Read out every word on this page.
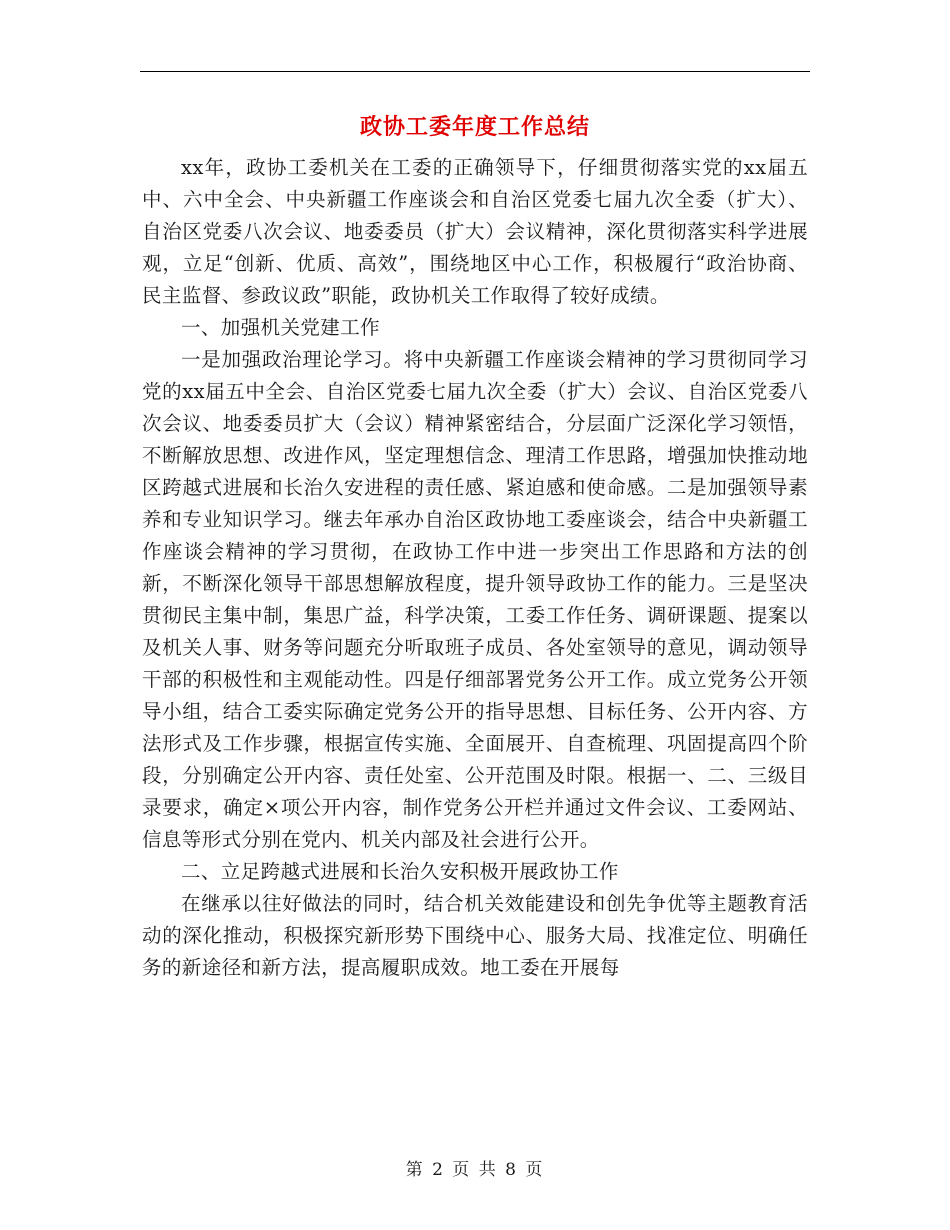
政协工委年度工作总结

xx年，政协工委机关在工委的正确领导下，仔细贯彻落实党的xx届五中、六中全会、中央新疆工作座谈会和自治区党委七届九次全委（扩大）、自治区党委八次会议、地委委员（扩大）会议精神，深化贯彻落实科学进展观，立足“创新、优质、高效”，围绕地区中心工作，积极履行“政治协商、民主监督、参政议政”职能，政协机关工作取得了较好成绩。

一、加强机关党建工作

一是加强政治理论学习。将中央新疆工作座谈会精神的学习贯彻同学习党的xx届五中全会、自治区党委七届九次全委（扩大）会议、自治区党委八次会议、地委委员扩大（会议）精神紧密结合，分层面广泛深化学习领悟，不断解放思想、改进作风，坚定理想信念、理清工作思路，增强加快推动地区跨越式进展和长治久安进程的责任感、紧迫感和使命感。二是加强领导素养和专业知识学习。继去年承办自治区政协地工委座谈会，结合中央新疆工作座谈会精神的学习贯彻，在政协工作中进一步突出工作思路和方法的创新，不断深化领导干部思想解放程度，提升领导政协工作的能力。三是坚决贯彻民主集中制，集思广益，科学决策，工委工作任务、调研课题、提案以及机关人事、财务等问题充分听取班子成员、各处室领导的意见，调动领导干部的积极性和主观能动性。四是仔细部署党务公开工作。成立党务公开领导小组，结合工委实际确定党务公开的指导思想、目标任务、公开内容、方法形式及工作步骤，根据宣传实施、全面展开、自查梳理、巩固提高四个阶段，分别确定公开内容、责任处室、公开范围及时限。根据一、二、三级目录要求，确定×项公开内容，制作党务公开栏并通过文件会议、工委网站、信息等形式分别在党内、机关内部及社会进行公开。

二、立足跨越式进展和长治久安积极开展政协工作

在继承以往好做法的同时，结合机关效能建设和创先争优等主题教育活动的深化推动，积极探究新形势下围绕中心、服务大局、找准定位、明确任务的新途径和新方法，提高履职成效。地工委在开展每

第 2 页 共 8 页
